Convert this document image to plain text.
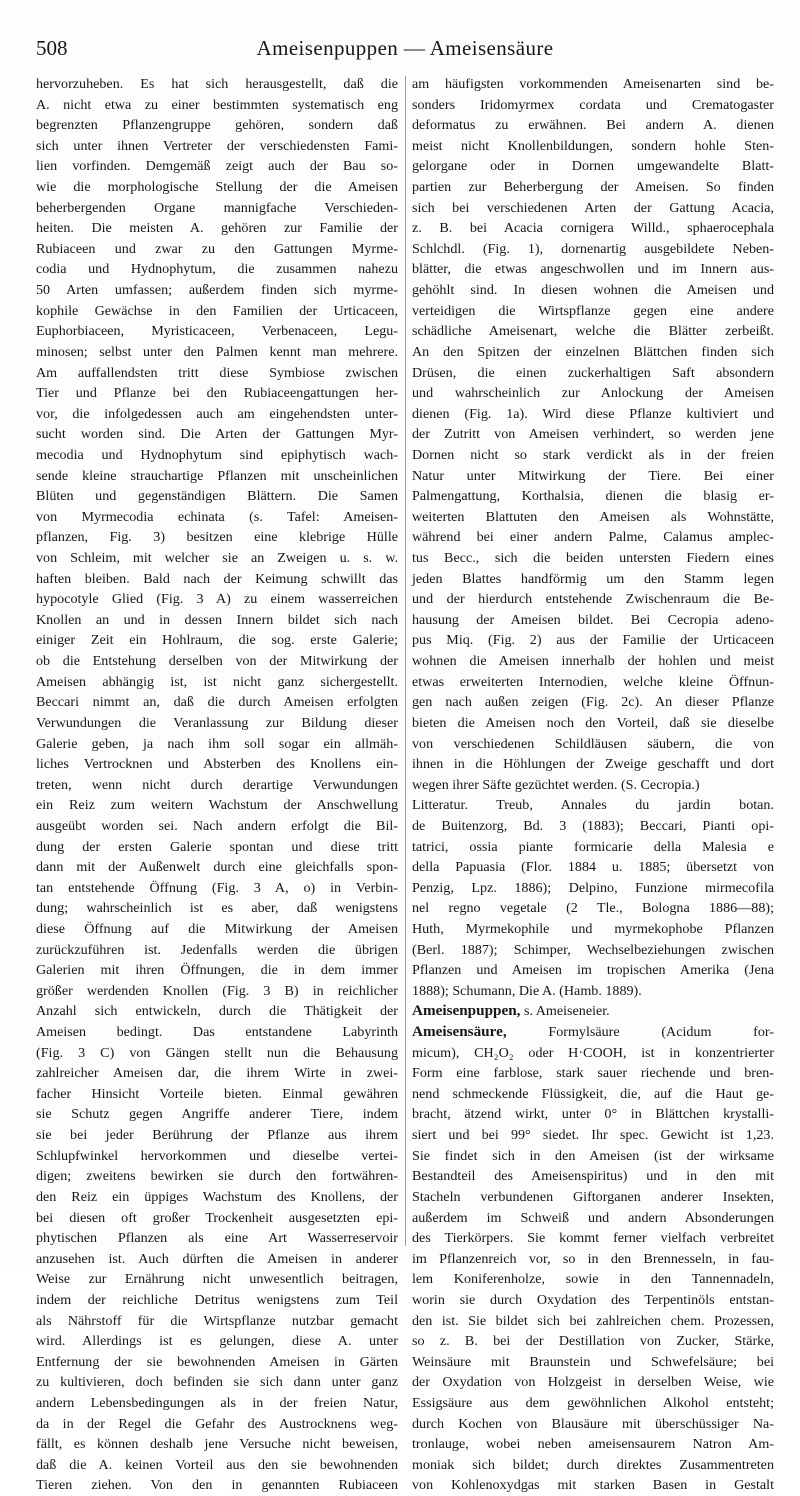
508	Ameisenpuppen — Ameisensäure
hervorzuheben. Es hat sich herausgestellt, daß die
A. nicht etwa zu einer bestimmten systematisch eng
begrenzten Pflanzengruppe gehören, sondern daß
sich unter ihnen Vertreter der verschiedensten Fami-
lien vorfinden. Demgemäß zeigt auch der Bau so-
wie die morphologische Stellung der die Ameisen
beherbergenden Organe mannigfache Verschieden-
heiten. Die meisten A. gehören zur Familie der
Rubiaceen und zwar zu den Gattungen Myrme-
codia und Hydnophytum, die zusammen nahezu
50 Arten umfassen; außerdem finden sich myrme-
kophile Gewächse in den Familien der Urticaceen,
Euphorbiaceen, Myristicaceen, Verbenaceen, Legu-
minosen; selbst unter den Palmen kennt man mehrere.
Am auffallendsten tritt diese Symbiose zwischen
Tier und Pflanze bei den Rubiaceengattungen her-
vor, die infolgedessen auch am eingehendsten unter-
sucht worden sind. Die Arten der Gattungen Myr-
mecodia und Hydnophytum sind epiphytisch wach-
sende kleine strauchartige Pflanzen mit unscheinlichen
Blüten und gegenständigen Blättern. Die Samen
von Myrmecodia echinata (s. Tafel: Ameisen-
pflanzen, Fig. 3) besitzen eine klebrige Hülle
von Schleim, mit welcher sie an Zweigen u. s. w.
haften bleiben. Bald nach der Keimung schwillt das
hypocotyle Glied (Fig. 3 A) zu einem wasserreichen
Knollen an und in dessen Innern bildet sich nach
einiger Zeit ein Hohlraum, die sog. erste Galerie;
ob die Entstehung derselben von der Mitwirkung der
Ameisen abhängig ist, ist nicht ganz sichergestellt.
Beccari nimmt an, daß die durch Ameisen erfolgten
Verwundungen die Veranlassung zur Bildung dieser
Galerie geben, ja nach ihm soll sogar ein allmäh-
liches Vertrocknen und Absterben des Knollens ein-
treten, wenn nicht durch derartige Verwundungen
ein Reiz zum weitern Wachstum der Anschwellung
ausgeübt worden sei. Nach andern erfolgt die Bil-
dung der ersten Galerie spontan und diese tritt
dann mit der Außenwelt durch eine gleichfalls spon-
tan entstehende Öffnung (Fig. 3 A, o) in Verbin-
dung; wahrscheinlich ist es aber, daß wenigstens
diese Öffnung auf die Mitwirkung der Ameisen
zurückzuführen ist. Jedenfalls werden die übrigen
Galerien mit ihren Öffnungen, die in dem immer
größer werdenden Knollen (Fig. 3 B) in reichlicher
Anzahl sich entwickeln, durch die Thätigkeit der
Ameisen bedingt. Das entstandene Labyrinth
(Fig. 3 C) von Gängen stellt nun die Behausung
zahlreicher Ameisen dar, die ihrem Wirte in zwei-
facher Hinsicht Vorteile bieten. Einmal gewähren
sie Schutz gegen Angriffe anderer Tiere, indem
sie bei jeder Berührung der Pflanze aus ihrem
Schlupfwinkel hervorkommen und dieselbe vertei-
digen; zweitens bewirken sie durch den fortwähren-
den Reiz ein üppiges Wachstum des Knollens, der
bei diesen oft großer Trockenheit ausgesetzten epi-
phytischen Pflanzen als eine Art Wasserreservoir
anzusehen ist. Auch dürften die Ameisen in anderer
Weise zur Ernährung nicht unwesentlich beitragen,
indem der reichliche Detritus wenigstens zum Teil
als Nährstoff für die Wirtspflanze nutzbar gemacht
wird. Allerdings ist es gelungen, diese A. unter
Entfernung der sie bewohnenden Ameisen in Gärten
zu kultivieren, doch befinden sie sich dann unter ganz
andern Lebensbedingungen als in der freien Natur,
da in der Regel die Gefahr des Austrocknens weg-
fällt, es können deshalb jene Versuche nicht beweisen,
daß die A. keinen Vorteil aus den sie bewohnenden
Tieren ziehen. Von den in genannten Rubiaceen
am häufigsten vorkommenden Ameisenarten sind be-
sonders Iridomyrmex cordata und Crematogaster
deformatus zu erwähnen. Bei andern A. dienen
meist nicht Knollenbildungen, sondern hohle Sten-
gelorgane oder in Dornen umgewandelte Blatt-
partien zur Beherbergung der Ameisen. So finden
sich bei verschiedenen Arten der Gattung Acacia,
z. B. bei Acacia cornigera Willd., sphaerocephala
Schlchdl. (Fig. 1), dornenartig ausgebildete Neben-
blätter, die etwas angeschwollen und im Innern aus-
gehöhlt sind. In diesen wohnen die Ameisen und
verteidigen die Wirtspflanze gegen eine andere
schädliche Ameisenart, welche die Blätter zerbeißt.
An den Spitzen der einzelnen Blättchen finden sich
Drüsen, die einen zuckerhaltigen Saft absondern
und wahrscheinlich zur Anlockung der Ameisen
dienen (Fig. 1a). Wird diese Pflanze kultiviert und
der Zutritt von Ameisen verhindert, so werden jene
Dornen nicht so stark verdickt als in der freien
Natur unter Mitwirkung der Tiere. Bei einer
Palmengattung, Korthalsia, dienen die blasig er-
weiterten Blattuten den Ameisen als Wohnstätte,
während bei einer andern Palme, Calamus amplec-
tus Becc., sich die beiden untersten Fiedern eines
jeden Blattes handförmig um den Stamm legen
und der hierdurch entstehende Zwischenraum die Be-
hausung der Ameisen bildet. Bei Cecropia adeno-
pus Miq. (Fig. 2) aus der Familie der Urticaceen
wohnen die Ameisen innerhalb der hohlen und meist
etwas erweiterten Internodien, welche kleine Öffnun-
gen nach außen zeigen (Fig. 2c). An dieser Pflanze
bieten die Ameisen noch den Vorteil, daß sie dieselbe
von verschiedenen Schildläusen säubern, die von
ihnen in die Höhlungen der Zweige geschafft und dort
wegen ihrer Säfte gezüchtet werden. (S. Cecropia.)
Litteratur. Treub, Annales du jardin botan.
de Buitenzorg, Bd. 3 (1883); Beccari, Pianti opi-
tatrici, ossia piante formicarie della Malesia e
della Papuasia (Flor. 1884 u. 1885; übersetzt von
Penzig, Lpz. 1886); Delpino, Funzione mirmecofila
nel regno vegetale (2 Tle., Bologna 1886—88);
Huth, Myrmekophile und myrmekophobe Pflanzen
(Berl. 1887); Schimper, Wechselbeziehungen zwischen
Pflanzen und Ameisen im tropischen Amerika (Jena
1888); Schumann, Die A. (Hamb. 1889).
Ameisenpuppen, s. Ameiseneier.
Ameisensäure,	Formylsäure (Acidum for-
micum), CH₂O₂ oder H·COOH, ist in konzentrierter
Form eine farblose, stark sauer riechende und bren-
nend schmeckende Flüssigkeit, die, auf die Haut ge-
bracht, ätzend wirkt, unter 0° in Blättchen krystalli-
siert und bei 99° siedet. Ihr spec. Gewicht ist 1,23.
Sie findet sich in den Ameisen (ist der wirksame
Bestandteil des Ameisenspiritus) und in den mit
Stacheln verbundenen Giftorganen anderer Insekten,
außerdem im Schweiß und andern Absonderungen
des Tierkörpers. Sie kommt ferner vielfach verbreitet
im Pflanzenreich vor, so in den Brennesseln, in fau-
lem Koniferenholze, sowie in den Tannennadeln,
worin sie durch Oxydation des Terpentinöls entstan-
den ist. Sie bildet sich bei zahlreichen chem. Prozessen,
so z. B. bei der Destillation von Zucker, Stärke,
Weinsäure mit Braunstein und Schwefelsäure; bei
der Oxydation von Holzgeist in derselben Weise, wie
Essigsäure aus dem gewöhnlichen Alkohol entsteht;
durch Kochen von Blausäure mit überschüssiger Na-
tronlauge, wobei neben ameisensaurem Natron Am-
moniak sich bildet; durch direktes Zusammentreten
von Kohlenoxydgas mit starken Basen in Gestalt
